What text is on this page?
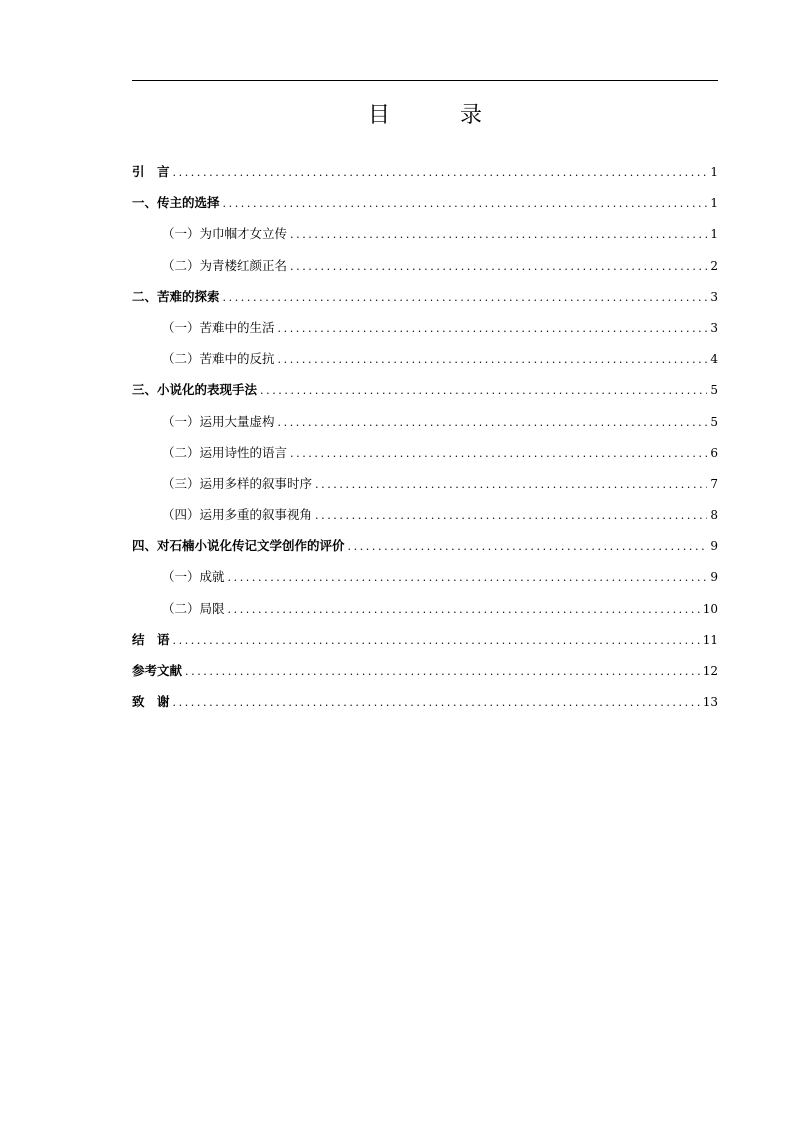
目　录
引　言 .....	1
一、传主的选择 .....	1
（一）为巾帼才女立传 .....	1
（二）为青楼红颜正名 .....	2
二、苦难的探索 .....	3
（一）苦难中的生活 .....	3
（二）苦难中的反抗 .....	4
三、小说化的表现手法 .....	5
（一）运用大量虚构 .....	5
（二）运用诗性的语言 .....	6
（三）运用多样的叙事时序 .....	7
（四）运用多重的叙事视角 .....	8
四、对石楠小说化传记文学创作的评价 .....	9
（一）成就 .....	9
（二）局限 .....	10
结　语 .....	11
参考文献 .....	12
致　谢 .....	13
